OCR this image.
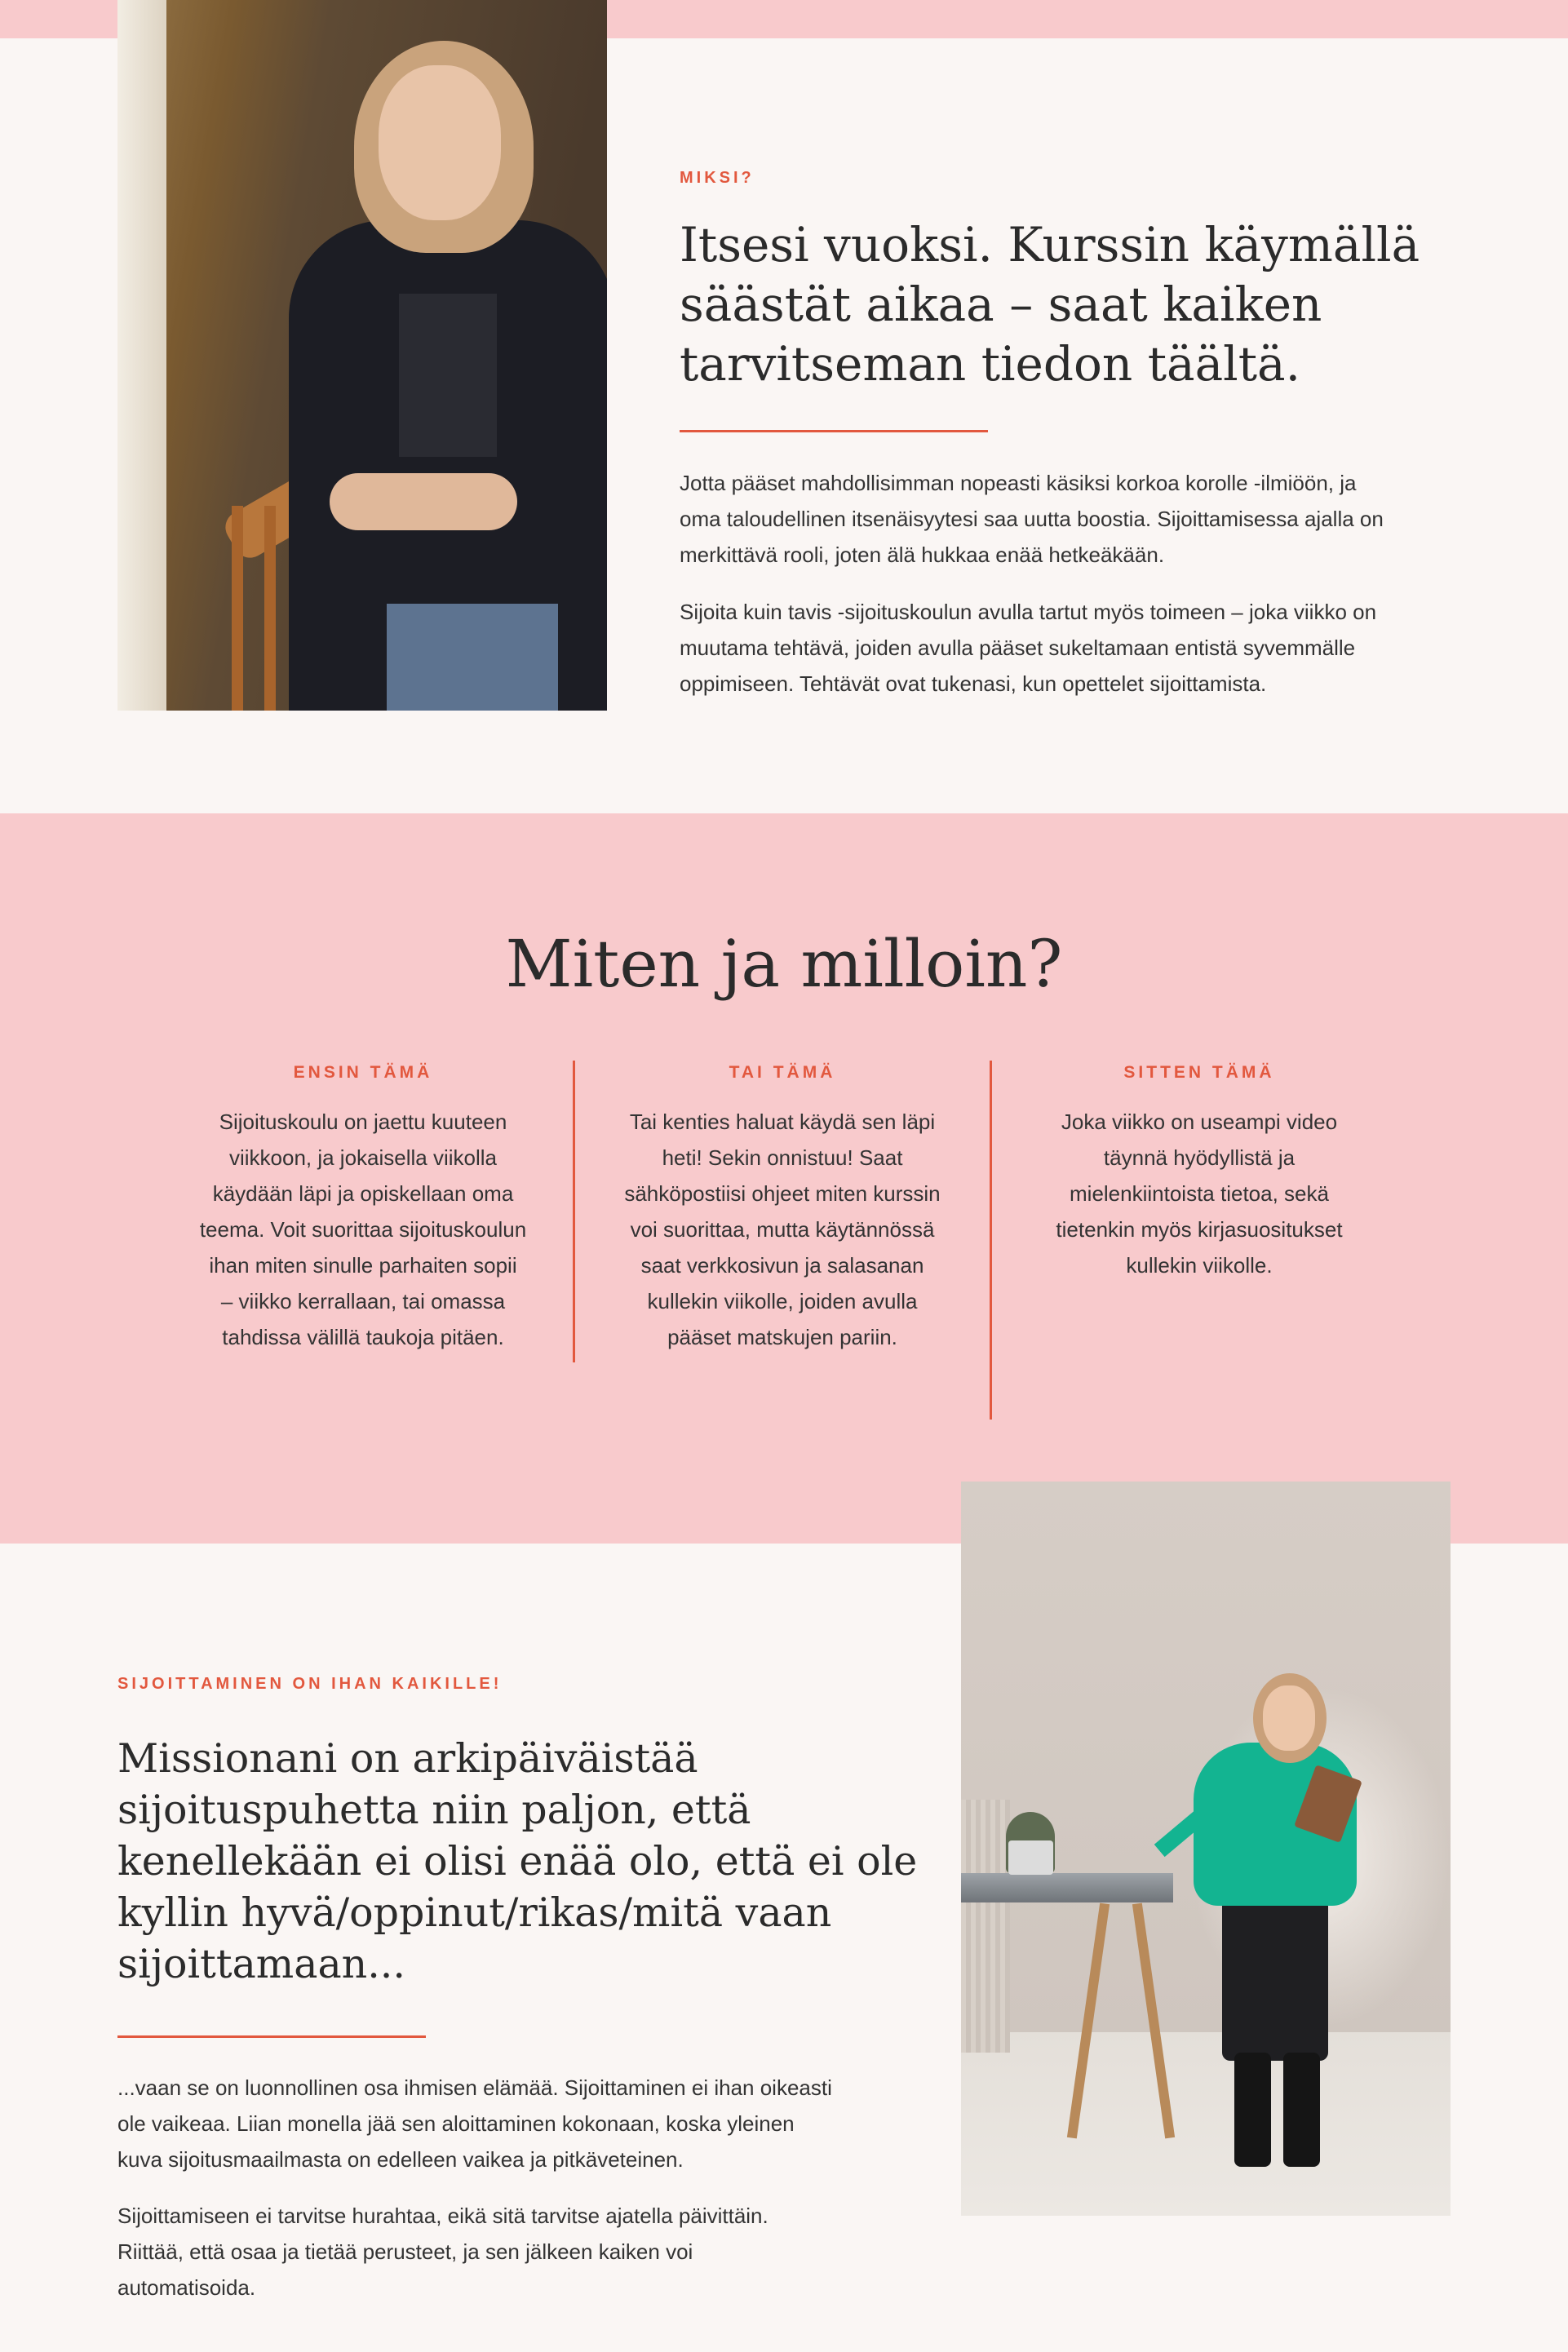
MIKSI?
Itsesi vuoksi. Kurssin käymällä
säästät aikaa – saat kaiken
tarvitseman tiedon täältä.
Jotta pääset mahdollisimman nopeasti käsiksi korkoa korolle -ilmiöön, ja
oma taloudellinen itsenäisyytesi saa uutta boostia. Sijoittamisessa ajalla on
merkittävä rooli, joten älä hukkaa enää hetkeäkään.
Sijoita kuin tavis -sijoituskoulun avulla tartut myös toimeen – joka viikko on
muutama tehtävä, joiden avulla pääset sukeltamaan entistä syvemmälle
oppimiseen. Tehtävät ovat tukenasi, kun opettelet sijoittamista.
Miten ja milloin?
ENSIN TÄMÄ
Sijoituskoulu on jaettu kuuteen
viikkoon, ja jokaisella viikolla
käydään läpi ja opiskellaan oma
teema. Voit suorittaa sijoituskoulun
ihan miten sinulle parhaiten sopii
– viikko kerrallaan, tai omassa
tahdissa välillä taukoja pitäen.
TAI TÄMÄ
Tai kenties haluat käydä sen läpi
heti! Sekin onnistuu! Saat
sähköpostiisi ohjeet miten kurssin
voi suorittaa, mutta käytännössä
saat verkkosivun ja salasanan
kullekin viikolle, joiden avulla
pääset matskujen pariin.
SITTEN TÄMÄ
Joka viikko on useampi video
täynnä hyödyllistä ja
mielenkiintoista tietoa, sekä
tietenkin myös kirjasuositukset
kullekin viikolle.
SIJOITTAMINEN ON IHAN KAIKILLE!
Missionani on arkipäiväistää
sijoituspuhetta niin paljon, että
kenellekään ei olisi enää olo, että ei ole
kyllin hyvä/oppinut/rikas/mitä vaan
sijoittamaan...
...vaan se on luonnollinen osa ihmisen elämää. Sijoittaminen ei ihan oikeasti
ole vaikeaa. Liian monella jää sen aloittaminen kokonaan, koska yleinen
kuva sijoitusmaailmasta on edelleen vaikea ja pitkäveteinen.
Sijoittamiseen ei tarvitse hurahtaa, eikä sitä tarvitse ajatella päivittäin.
Riittää, että osaa ja tietää perusteet, ja sen jälkeen kaiken voi
automatisoida.
